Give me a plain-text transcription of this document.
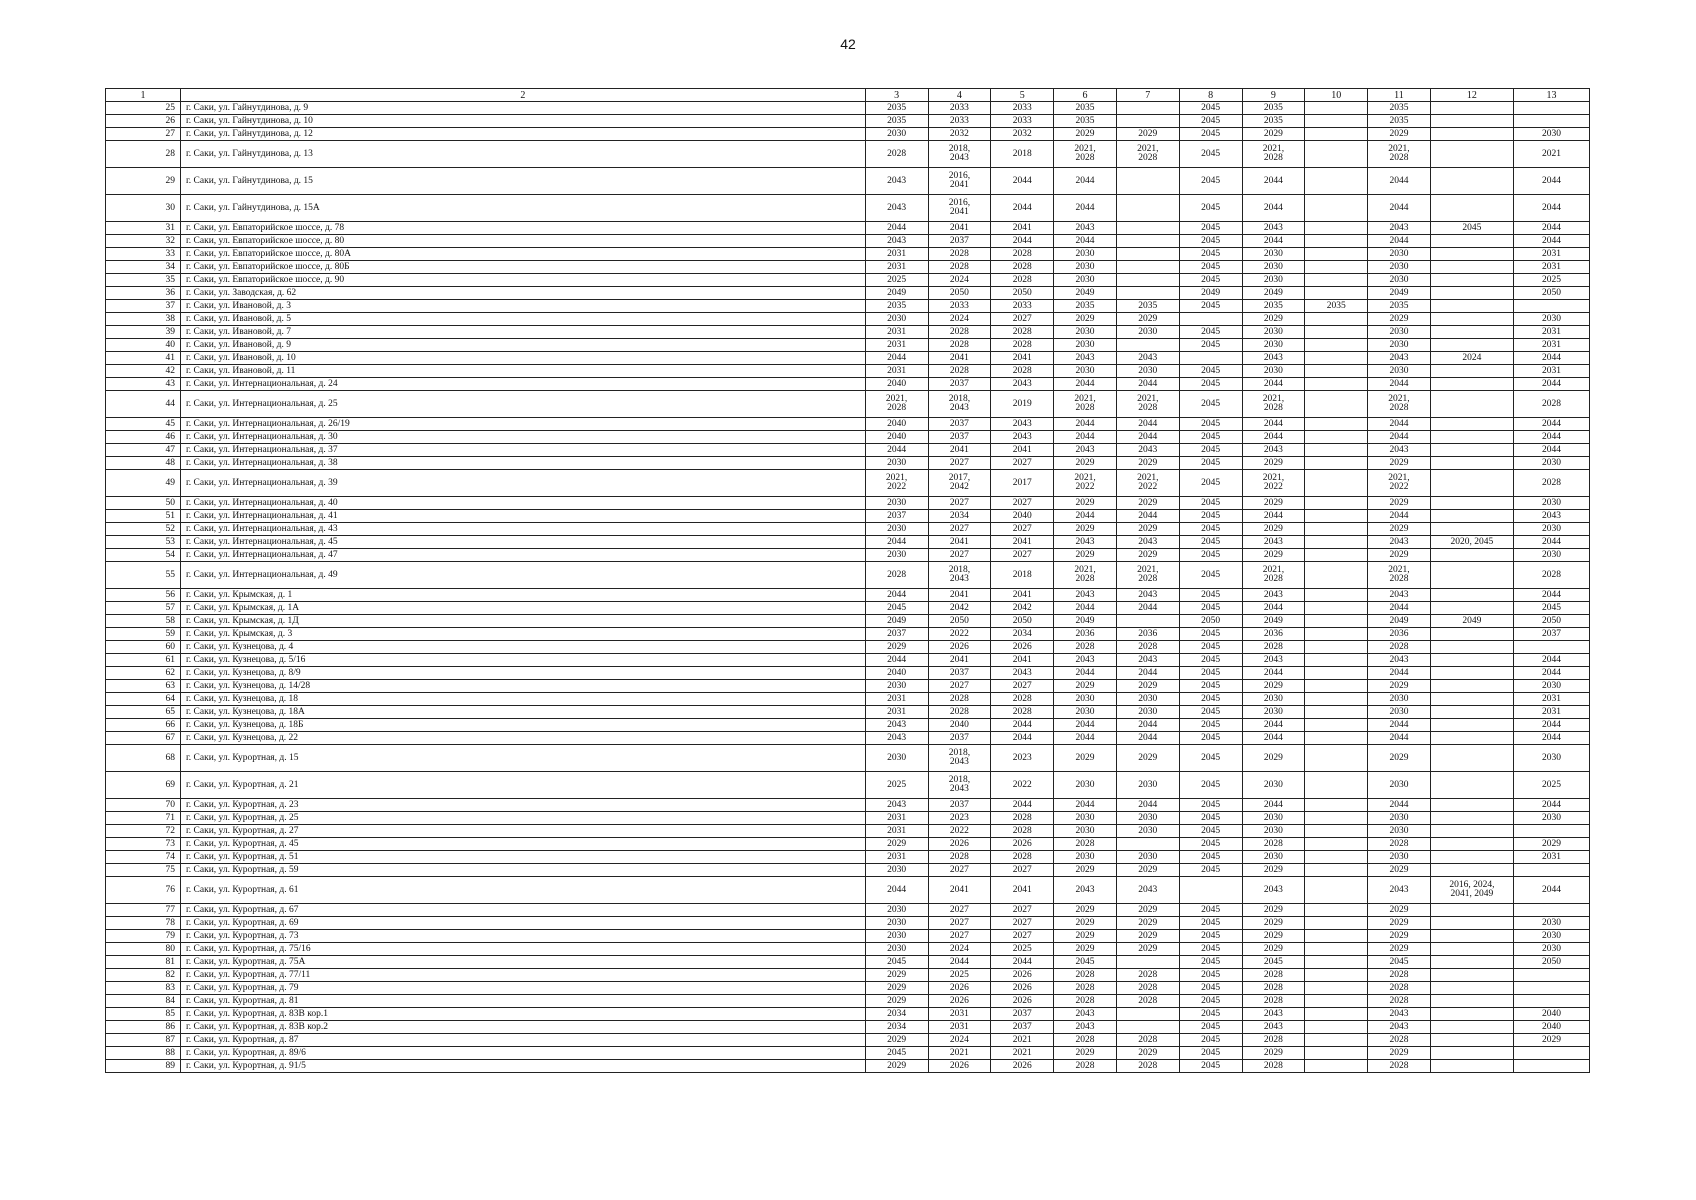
42
1	2	3	4	5	6	7	8	9	10	11	12	13
25	г. Саки, ул. Гайнутдинова, д. 9	2035	2033	2033	2035		2045	2035		2035		
26	г. Саки, ул. Гайнутдинова, д. 10	2035	2033	2033	2035		2045	2035		2035		
27	г. Саки, ул. Гайнутдинова, д. 12	2030	2032	2032	2029	2029	2045	2029		2029		2030
28	г. Саки, ул. Гайнутдинова, д. 13	2028	2018,
2043	2018	2021,
2028	2021,
2028	2045	2021,
2028		2021,
2028		2021
29	г. Саки, ул. Гайнутдинова, д. 15	2043	2016,
2041	2044	2044		2045	2044		2044		2044
30	г. Саки, ул. Гайнутдинова, д. 15А	2043	2016,
2041	2044	2044		2045	2044		2044		2044
31	г. Саки, ул. Евпаторийское шоссе, д. 78	2044	2041	2041	2043		2045	2043		2043	2045	2044
32	г. Саки, ул. Евпаторийское шоссе, д. 80	2043	2037	2044	2044		2045	2044		2044		2044
33	г. Саки, ул. Евпаторийское шоссе, д. 80А	2031	2028	2028	2030		2045	2030		2030		2031
34	г. Саки, ул. Евпаторийское шоссе, д. 80Б	2031	2028	2028	2030		2045	2030		2030		2031
35	г. Саки, ул. Евпаторийское шоссе, д. 90	2025	2024	2028	2030		2045	2030		2030		2025
36	г. Саки, ул. Заводская, д. 62	2049	2050	2050	2049		2049	2049		2049		2050
37	г. Саки, ул. Ивановой, д. 3	2035	2033	2033	2035	2035	2045	2035	2035	2035		
38	г. Саки, ул. Ивановой, д. 5	2030	2024	2027	2029	2029		2029		2029		2030
39	г. Саки, ул. Ивановой, д. 7	2031	2028	2028	2030	2030	2045	2030		2030		2031
40	г. Саки, ул. Ивановой, д. 9	2031	2028	2028	2030		2045	2030		2030		2031
41	г. Саки, ул. Ивановой, д. 10	2044	2041	2041	2043	2043		2043		2043	2024	2044
42	г. Саки, ул. Ивановой, д. 11	2031	2028	2028	2030	2030	2045	2030		2030		2031
43	г. Саки, ул. Интернациональная, д. 24	2040	2037	2043	2044	2044	2045	2044		2044		2044
44	г. Саки, ул. Интернациональная, д. 25	2021,
2028	2018,
2043	2019	2021,
2028	2021,
2028	2045	2021,
2028		2021,
2028		2028
45	г. Саки, ул. Интернациональная, д. 26/19	2040	2037	2043	2044	2044	2045	2044		2044		2044
46	г. Саки, ул. Интернациональная, д. 30	2040	2037	2043	2044	2044	2045	2044		2044		2044
47	г. Саки, ул. Интернациональная, д. 37	2044	2041	2041	2043	2043	2045	2043		2043		2044
48	г. Саки, ул. Интернациональная, д. 38	2030	2027	2027	2029	2029	2045	2029		2029		2030
49	г. Саки, ул. Интернациональная, д. 39	2021,
2022	2017,
2042	2017	2021,
2022	2021,
2022	2045	2021,
2022		2021,
2022		2028
50	г. Саки, ул. Интернациональная, д. 40	2030	2027	2027	2029	2029	2045	2029		2029		2030
51	г. Саки, ул. Интернациональная, д. 41	2037	2034	2040	2044	2044	2045	2044		2044		2043
52	г. Саки, ул. Интернациональная, д. 43	2030	2027	2027	2029	2029	2045	2029		2029		2030
53	г. Саки, ул. Интернациональная, д. 45	2044	2041	2041	2043	2043	2045	2043		2043	2020, 2045	2044
54	г. Саки, ул. Интернациональная, д. 47	2030	2027	2027	2029	2029	2045	2029		2029		2030
55	г. Саки, ул. Интернациональная, д. 49	2028	2018,
2043	2018	2021,
2028	2021,
2028	2045	2021,
2028		2021,
2028		2028
56	г. Саки, ул. Крымская, д. 1	2044	2041	2041	2043	2043	2045	2043		2043		2044
57	г. Саки, ул. Крымская, д. 1А	2045	2042	2042	2044	2044	2045	2044		2044		2045
58	г. Саки, ул. Крымская, д. 1Д	2049	2050	2050	2049		2050	2049		2049	2049	2050
59	г. Саки, ул. Крымская, д. 3	2037	2022	2034	2036	2036	2045	2036		2036		2037
60	г. Саки, ул. Кузнецова, д. 4	2029	2026	2026	2028	2028	2045	2028		2028		
61	г. Саки, ул. Кузнецова, д. 5/16	2044	2041	2041	2043	2043	2045	2043		2043		2044
62	г. Саки, ул. Кузнецова, д. 8/9	2040	2037	2043	2044	2044	2045	2044		2044		2044
63	г. Саки, ул. Кузнецова, д. 14/28	2030	2027	2027	2029	2029	2045	2029		2029		2030
64	г. Саки, ул. Кузнецова, д. 18	2031	2028	2028	2030	2030	2045	2030		2030		2031
65	г. Саки, ул. Кузнецова, д. 18А	2031	2028	2028	2030	2030	2045	2030		2030		2031
66	г. Саки, ул. Кузнецова, д. 18Б	2043	2040	2044	2044	2044	2045	2044		2044		2044
67	г. Саки, ул. Кузнецова, д. 22	2043	2037	2044	2044	2044	2045	2044		2044		2044
68	г. Саки, ул. Курортная, д. 15	2030	2018,
2043	2023	2029	2029	2045	2029		2029		2030
69	г. Саки, ул. Курортная, д. 21	2025	2018,
2043	2022	2030	2030	2045	2030		2030		2025
70	г. Саки, ул. Курортная, д. 23	2043	2037	2044	2044	2044	2045	2044		2044		2044
71	г. Саки, ул. Курортная, д. 25	2031	2023	2028	2030	2030	2045	2030		2030		2030
72	г. Саки, ул. Курортная, д. 27	2031	2022	2028	2030	2030	2045	2030		2030		
73	г. Саки, ул. Курортная, д. 45	2029	2026	2026	2028		2045	2028		2028		2029
74	г. Саки, ул. Курортная, д. 51	2031	2028	2028	2030	2030	2045	2030		2030		2031
75	г. Саки, ул. Курортная, д. 59	2030	2027	2027	2029	2029	2045	2029		2029		
76	г. Саки, ул. Курортная, д. 61	2044	2041	2041	2043	2043		2043		2043	2016, 2024,
2041, 2049	2044
77	г. Саки, ул. Курортная, д. 67	2030	2027	2027	2029	2029	2045	2029		2029		
78	г. Саки, ул. Курортная, д. 69	2030	2027	2027	2029	2029	2045	2029		2029		2030
79	г. Саки, ул. Курортная, д. 73	2030	2027	2027	2029	2029	2045	2029		2029		2030
80	г. Саки, ул. Курортная, д. 75/16	2030	2024	2025	2029	2029	2045	2029		2029		2030
81	г. Саки, ул. Курортная, д. 75А	2045	2044	2044	2045		2045	2045		2045		2050
82	г. Саки, ул. Курортная, д. 77/11	2029	2025	2026	2028	2028	2045	2028		2028		
83	г. Саки, ул. Курортная, д. 79	2029	2026	2026	2028	2028	2045	2028		2028		
84	г. Саки, ул. Курортная, д. 81	2029	2026	2026	2028	2028	2045	2028		2028		
85	г. Саки, ул. Курортная, д. 83В кор.1	2034	2031	2037	2043		2045	2043		2043		2040
86	г. Саки, ул. Курортная, д. 83В кор.2	2034	2031	2037	2043		2045	2043		2043		2040
87	г. Саки, ул. Курортная, д. 87	2029	2024	2021	2028	2028	2045	2028		2028		2029
88	г. Саки, ул. Курортная, д. 89/6	2045	2021	2021	2029	2029	2045	2029		2029		
89	г. Саки, ул. Курортная, д. 91/5	2029	2026	2026	2028	2028	2045	2028		2028		
